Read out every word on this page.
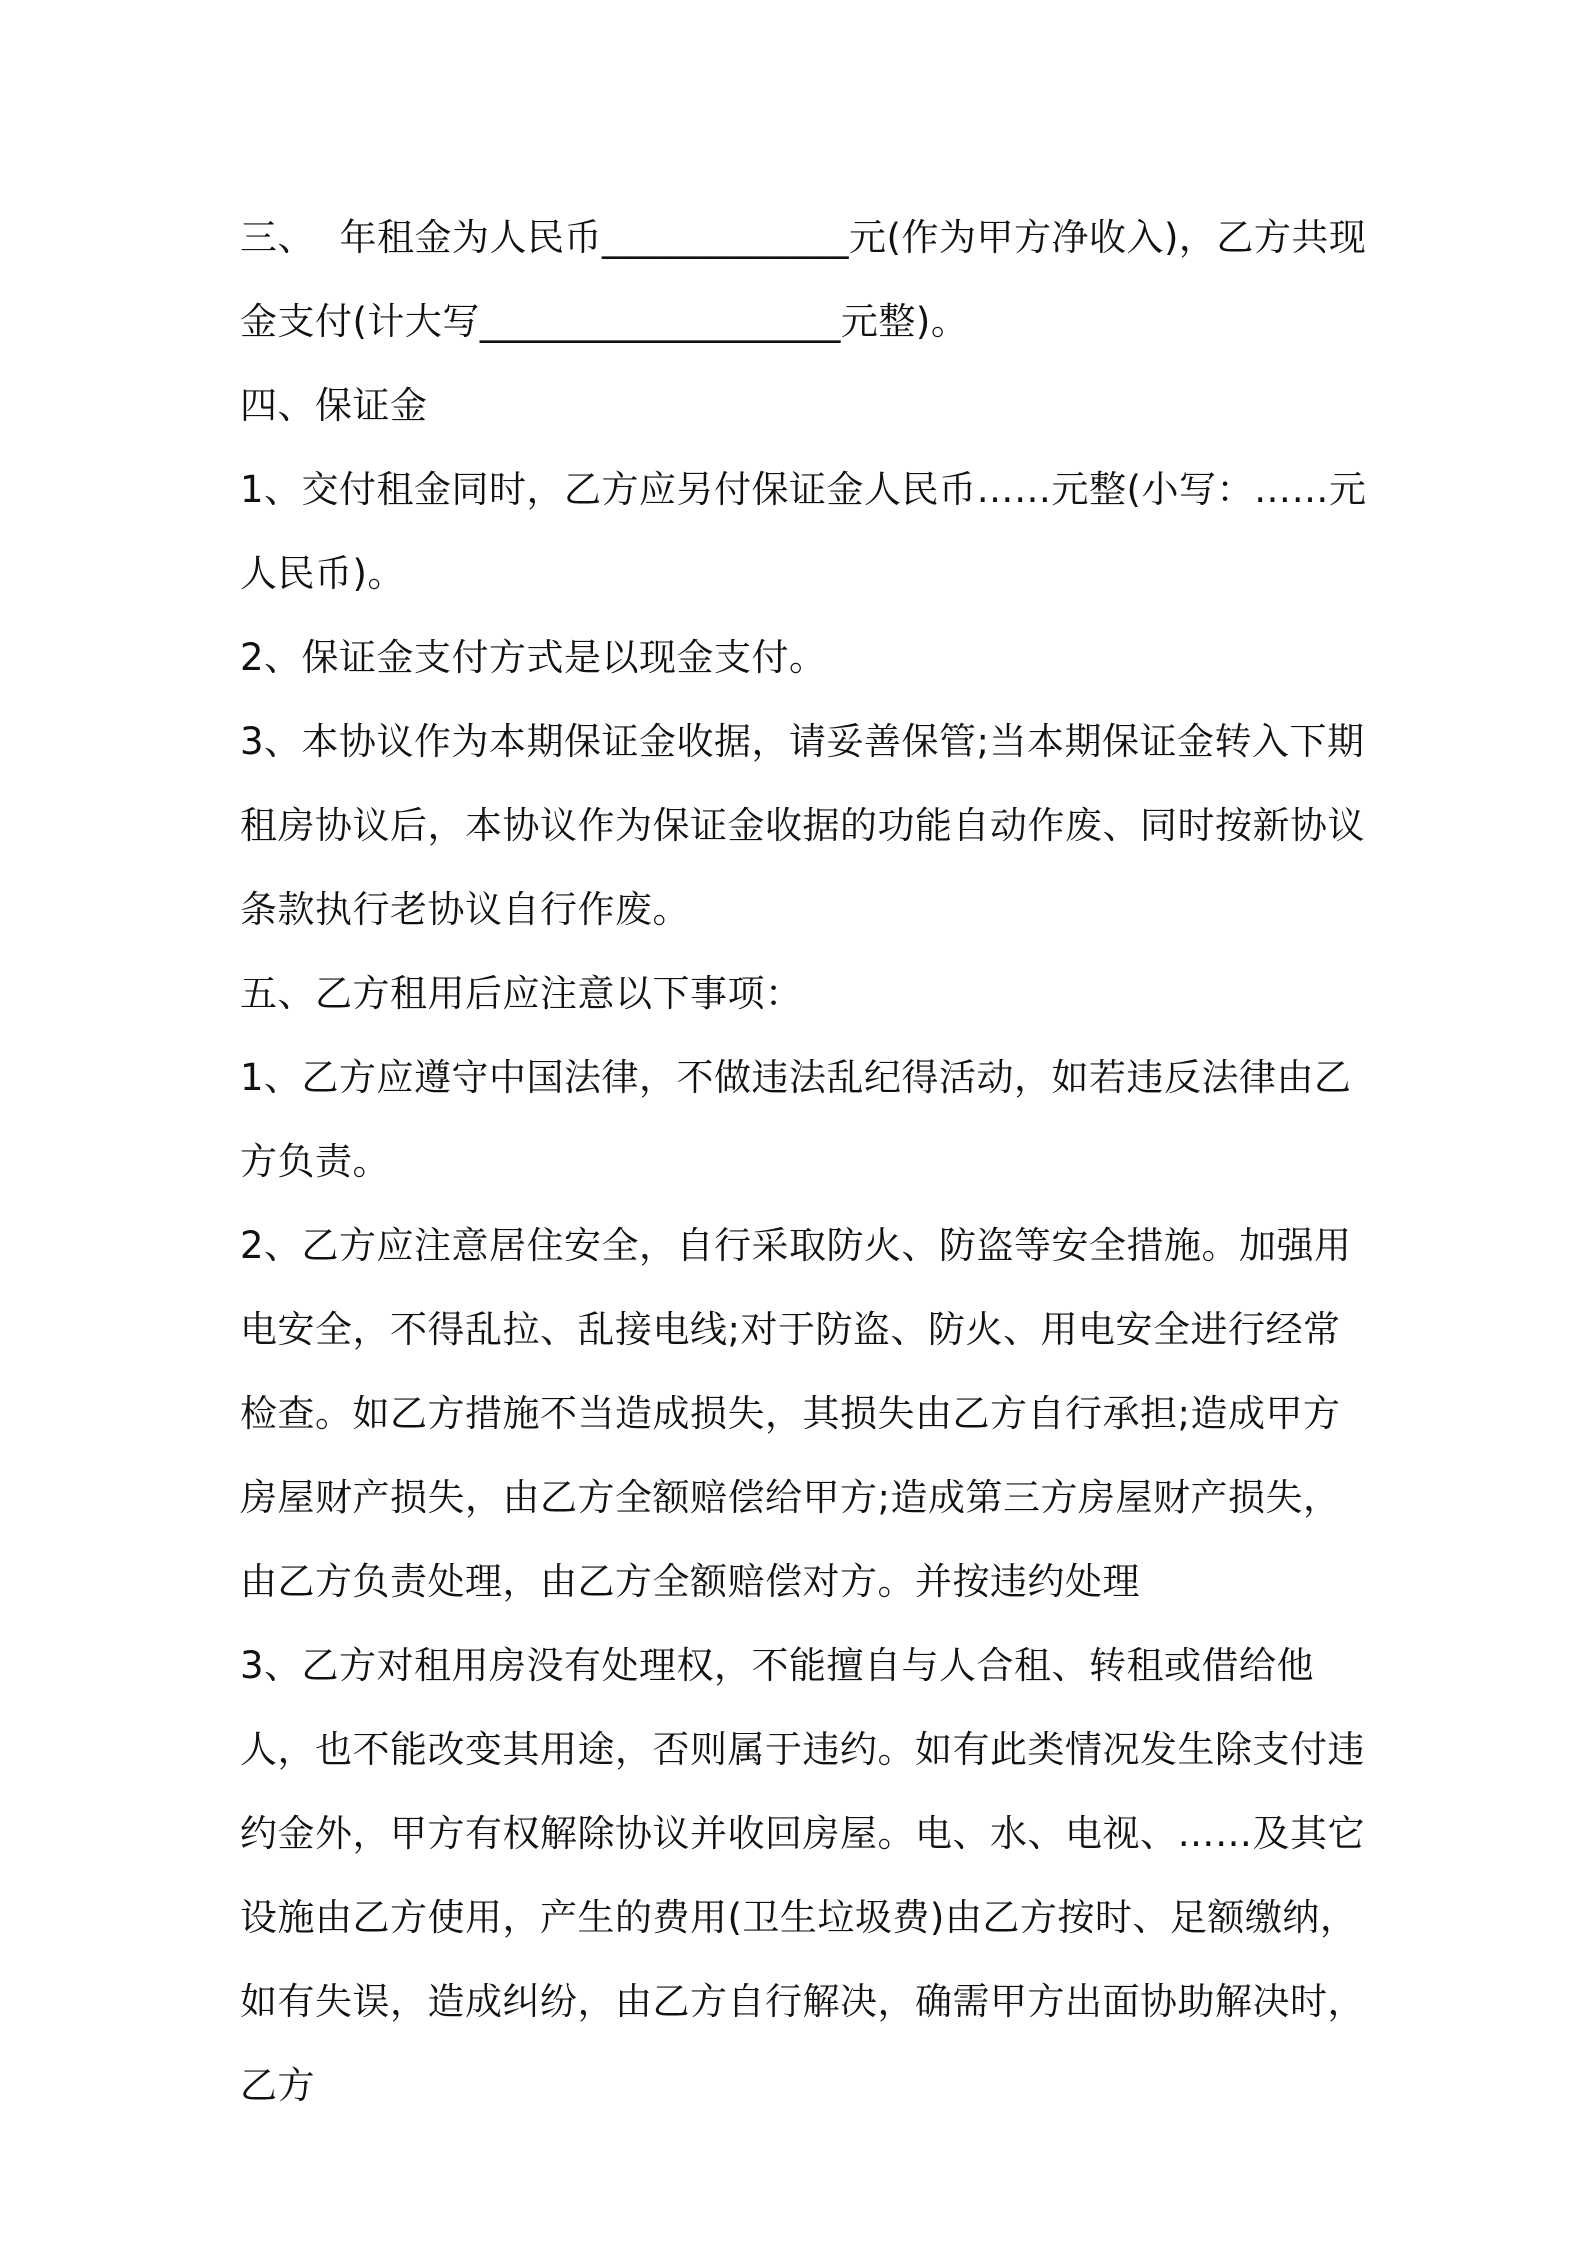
三、  年租金为人民币_____________元(作为甲方净收入)，乙方共现金支付(计大写___________________元整)。

四、保证金

1、交付租金同时，乙方应另付保证金人民币……元整(小写：……元人民币)。

2、保证金支付方式是以现金支付。

3、本协议作为本期保证金收据，请妥善保管;当本期保证金转入下期租房协议后，本协议作为保证金收据的功能自动作废、同时按新协议条款执行老协议自行作废。

五、乙方租用后应注意以下事项：

1、乙方应遵守中国法律，不做违法乱纪得活动，如若违反法律由乙方负责。

2、乙方应注意居住安全，自行采取防火、防盗等安全措施。加强用电安全，不得乱拉、乱接电线;对于防盗、防火、用电安全进行经常检查。如乙方措施不当造成损失，其损失由乙方自行承担;造成甲方房屋财产损失，由乙方全额赔偿给甲方;造成第三方房屋财产损失，由乙方负责处理，由乙方全额赔偿对方。并按违约处理

3、乙方对租用房没有处理权，不能擅自与人合租、转租或借给他人，也不能改变其用途，否则属于违约。如有此类情况发生除支付违约金外，甲方有权解除协议并收回房屋。电、水、电视、……及其它设施由乙方使用，产生的费用(卫生垃圾费)由乙方按时、足额缴纳，如有失误，造成纠纷，由乙方自行解决，确需甲方出面协助解决时，乙方
